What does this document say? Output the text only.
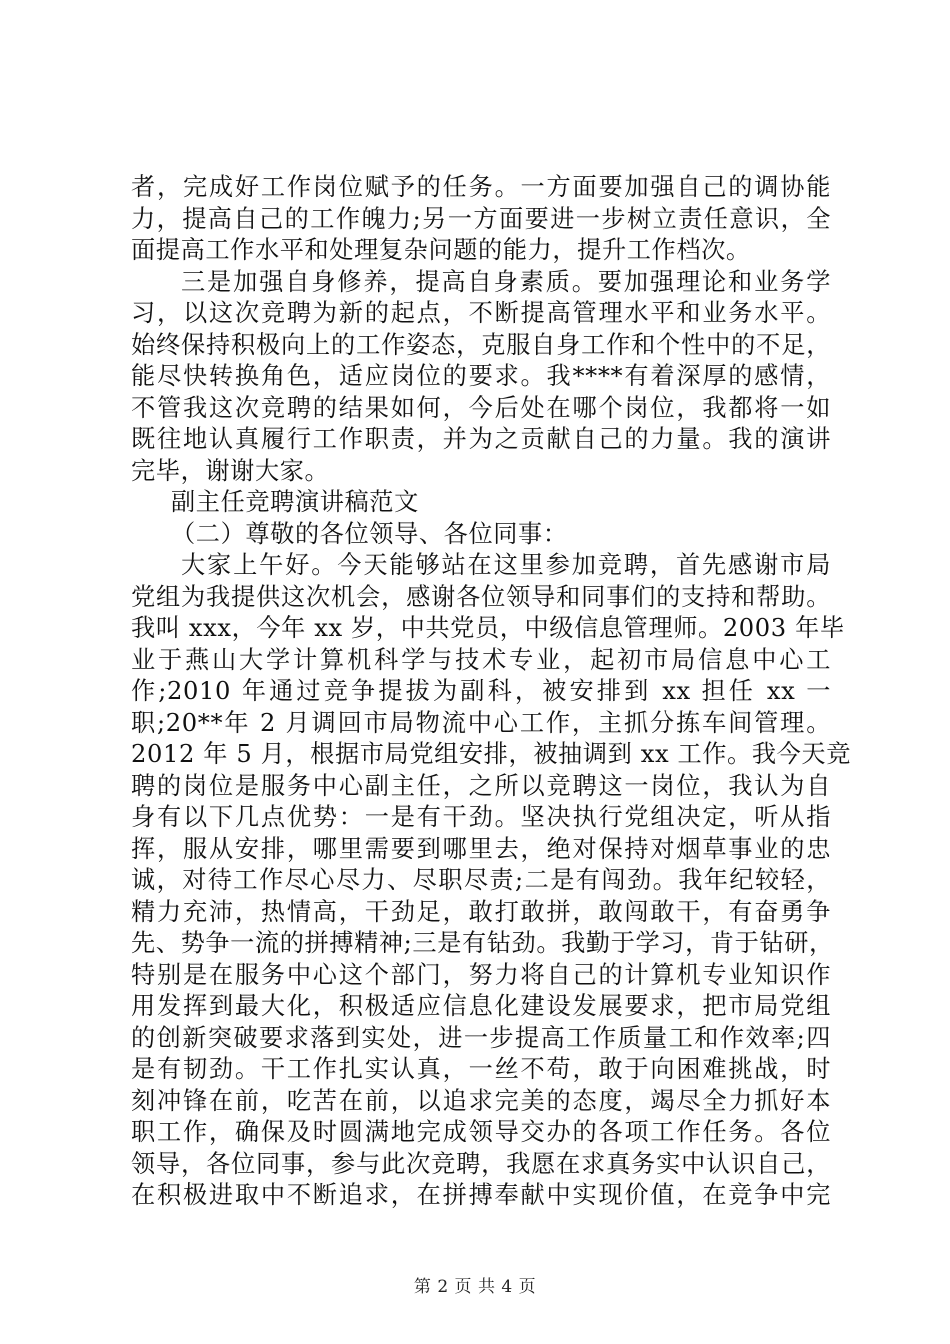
者，完成好工作岗位赋予的任务。一方面要加强自己的调协能
力，提高自己的工作魄力;另一方面要进一步树立责任意识，全
面提高工作水平和处理复杂问题的能力，提升工作档次。
三是加强自身修养，提高自身素质。要加强理论和业务学
习，以这次竞聘为新的起点，不断提高管理水平和业务水平。
始终保持积极向上的工作姿态，克服自身工作和个性中的不足，
能尽快转换角色，适应岗位的要求。我****有着深厚的感情，
不管我这次竞聘的结果如何，今后处在哪个岗位，我都将一如
既往地认真履行工作职责，并为之贡献自己的力量。我的演讲
完毕，谢谢大家。
副主任竞聘演讲稿范文
（二）尊敬的各位领导、各位同事：
大家上午好。今天能够站在这里参加竞聘，首先感谢市局
党组为我提供这次机会，感谢各位领导和同事们的支持和帮助。
我叫 xxx，今年 xx 岁，中共党员，中级信息管理师。2003 年毕
业于燕山大学计算机科学与技术专业，起初市局信息中心工
作;2010 年通过竞争提拔为副科，被安排到 xx 担任 xx 一
职;20**年 2 月调回市局物流中心工作，主抓分拣车间管理。
2012 年 5 月，根据市局党组安排，被抽调到 xx 工作。我今天竞
聘的岗位是服务中心副主任，之所以竞聘这一岗位，我认为自
身有以下几点优势：一是有干劲。坚决执行党组决定，听从指
挥，服从安排，哪里需要到哪里去，绝对保持对烟草事业的忠
诚，对待工作尽心尽力、尽职尽责;二是有闯劲。我年纪较轻，
精力充沛，热情高，干劲足，敢打敢拼，敢闯敢干，有奋勇争
先、势争一流的拼搏精神;三是有钻劲。我勤于学习，肯于钻研，
特别是在服务中心这个部门，努力将自己的计算机专业知识作
用发挥到最大化，积极适应信息化建设发展要求，把市局党组
的创新突破要求落到实处，进一步提高工作质量工和作效率;四
是有韧劲。干工作扎实认真，一丝不苟，敢于向困难挑战，时
刻冲锋在前，吃苦在前，以追求完美的态度，竭尽全力抓好本
职工作，确保及时圆满地完成领导交办的各项工作任务。各位
领导，各位同事，参与此次竞聘，我愿在求真务实中认识自己，
在积极进取中不断追求，在拼搏奉献中实现价值，在竞争中完
第 2 页 共 4 页
